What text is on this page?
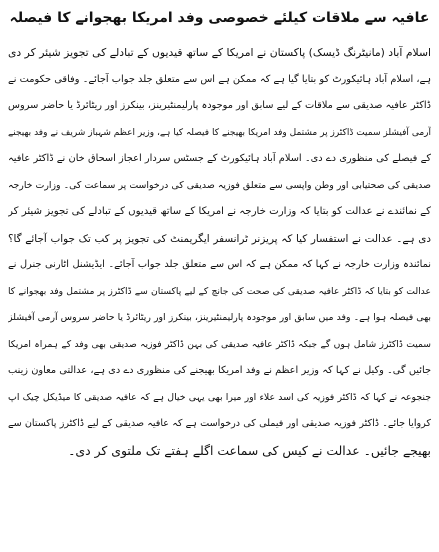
عافیہ سے ملاقات کیلئے خصوصی وفد امریکا بھجوانے کا فیصلہ
اسلام آباد (مانیٹرنگ ڈیسک) پاکستان نے امریکا کے ساتھ قیدیوں کے تبادلے کی تجویز شیئر کر دی
ہے، اسلام آباد ہائیکورٹ کو بتایا گیا ہے کہ ممکن ہے اس سے متعلق جلد جواب آجائے۔ وفاقی حکومت نے
ڈاکٹر عافیہ صدیقی سے ملاقات کے لیے سابق اور موجودہ پارلیمنٹیرینز، بینکرز اور ریٹائرڈ یا حاضر سروس
آرمی آفیشلز سمیت ڈاکٹرز پر مشتمل وفد امریکا بھیجنے کا فیصلہ کیا ہے، وزیر اعظم شہباز شریف نے وفد بھیجنے
کے فیصلے کی منظوری دے دی۔ اسلام آباد ہائیکورٹ کے جسٹس سردار اعجاز اسحاق خان نے ڈاکٹر عافیہ
صدیقی کی صحتیابی اور وطن واپسی سے متعلق فوزیہ صدیقی کی درخواست پر سماعت کی۔ وزارت خارجہ
کے نمائندے نے عدالت کو بتایا کہ وزارت خارجہ نے امریکا کے ساتھ قیدیوں کے تبادلے کی تجویز شیئر کر
دی ہے۔ عدالت نے استفسار کیا کہ پریزنر ٹرانسفر ایگریمنٹ کی تجویز پر کب تک جواب آجائے گا؟
نمائندہ وزارت خارجہ نے کہا کہ ممکن ہے کہ اس سے متعلق جلد جواب آجائے۔ ایڈیشنل اٹارنی جنرل نے
عدالت کو بتایا کہ ڈاکٹر عافیہ صدیقی کی صحت کی جانچ کے لیے پاکستان سے ڈاکٹرز پر مشتمل وفد بھجوانے کا
بھی فیصلہ ہوا ہے۔ وفد میں سابق اور موجودہ پارلیمنٹیرینز، بینکرز اور ریٹائرڈ یا حاضر سروس آرمی آفیشلز
سمیت ڈاکٹرز شامل ہوں گے جبکہ ڈاکٹر عافیہ صدیقی کی بہن ڈاکٹر فوزیہ صدیقی بھی وفد کے ہمراہ امریکا
جائیں گی۔ وکیل نے کہا کہ وزیر اعظم نے وفد امریکا بھیجنے کی منظوری دے دی ہے، عدالتی معاون زینب
جنجوعہ نے کہا کہ ڈاکٹر فوزیہ کی اسد علاء اور میرا بھی یہی خیال ہے کہ عافیہ صدیقی کا میڈیکل چیک اپ
کروایا جائے۔ ڈاکٹر فوزیہ صدیقی اور فیملی کی درخواست ہے کہ عافیہ صدیقی کے لیے ڈاکٹرز پاکستان سے
بھیجے جائیں۔ عدالت نے کیس کی سماعت اگلے ہفتے تک ملتوی کر دی۔
